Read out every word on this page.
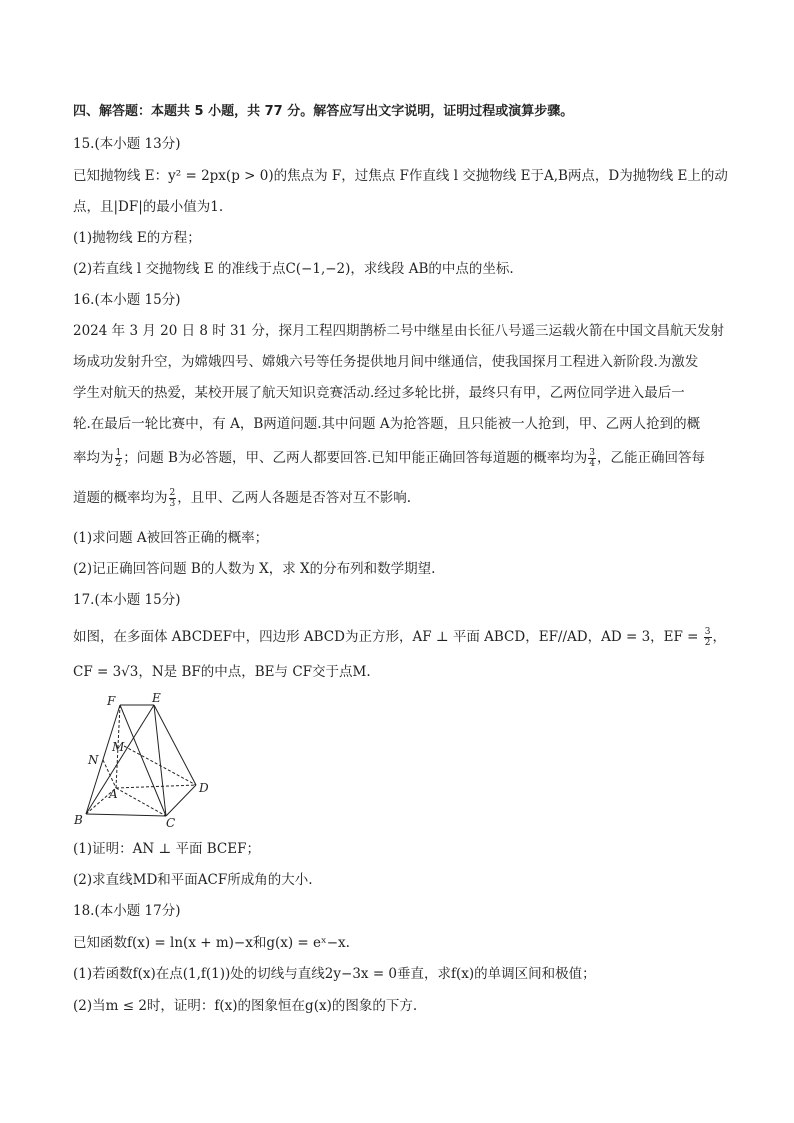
四、解答题：本题共 5 小题，共 77 分。解答应写出文字说明，证明过程或演算步骤。
15.(本小题 13分)
已知抛物线 E：y² = 2px(p > 0)的焦点为 F，过焦点 F作直线 l 交抛物线 E于A,B两点，D为抛物线 E上的动
点，且|DF|的最小值为1.
(1)抛物线 E的方程；
(2)若直线 l 交抛物线 E 的准线于点C(−1,−2)，求线段 AB的中点的坐标.
16.(本小题 15分)
2024 年 3 月 20 日 8 时 31 分，探月工程四期鹊桥二号中继星由长征八号遥三运载火箭在中国文昌航天发射
场成功发射升空，为嫦娥四号、嫦娥六号等任务提供地月间中继通信，使我国探月工程进入新阶段.为激发
学生对航天的热爱，某校开展了航天知识竞赛活动.经过多轮比拼，最终只有甲，乙两位同学进入最后一
轮.在最后一轮比赛中，有 A，B两道问题.其中问题 A为抢答题，且只能被一人抢到，甲、乙两人抢到的概
率均为 $\frac{1}{2}$ ；问题 B为必答题，甲、乙两人都要回答.已知甲能正确回答每道题的概率均为 $\frac{3}{4}$ ，乙能正确回答每
道题的概率均为 $\frac{2}{3}$ ，且甲、乙两人各题是否答对互不影响.
(1)求问题 A被回答正确的概率；
(2)记正确回答问题 B的人数为 X，求 X的分布列和数学期望.
17.(本小题 15分)
如图，在多面体 ABCDEF中，四边形 ABCD为正方形，AF ⊥ 平面 ABCD，EF//AD，AD = 3，EF = $\frac{3}{2}$ ，
CF = 3√3，N是 BF的中点，BE与 CF交于点M.
F	E
M
N
A	D
B	C
(1)证明：AN ⊥ 平面 BCEF；
(2)求直线MD和平面ACF所成角的大小.
18.(本小题 17分)
已知函数f(x) = ln(x + m)−x和g(x) = eˣ−x.
(1)若函数f(x)在点(1,f(1))处的切线与直线2y−3x = 0垂直，求f(x)的单调区间和极值；
(2)当m ≤ 2时，证明：f(x)的图象恒在g(x)的图象的下方.
